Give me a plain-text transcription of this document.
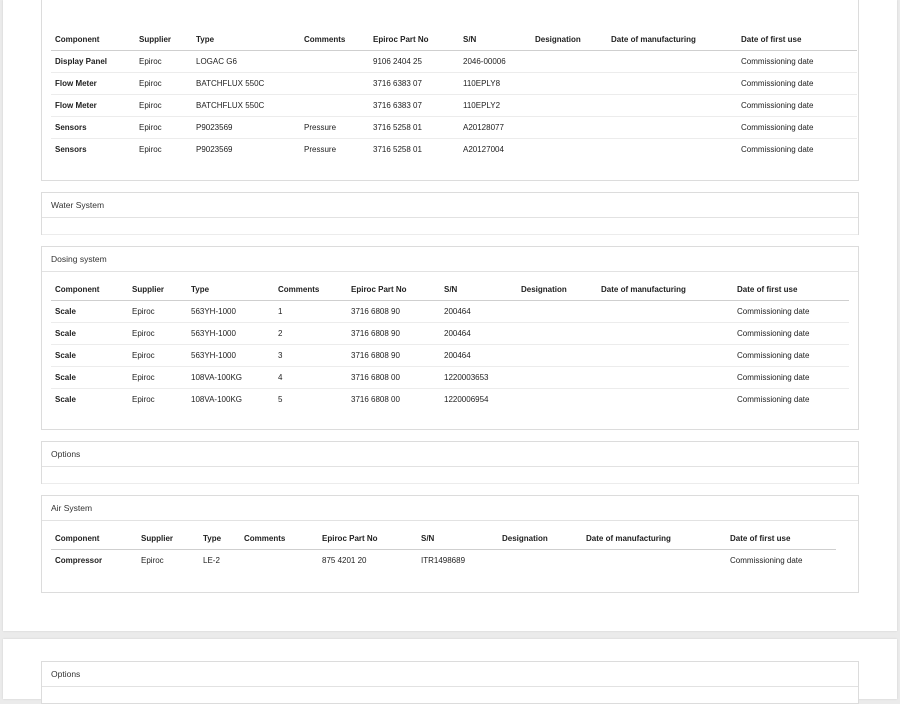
Component	Supplier	Type	Comments	Epiroc Part No	S/N	Designation	Date of manufacturing	Date of first use
Display Panel	Epiroc	LOGAC G6		9106 2404 25	2046-00006			Commissioning date
Flow Meter	Epiroc	BATCHFLUX 550C		3716 6383 07	110EPLY8			Commissioning date
Flow Meter	Epiroc	BATCHFLUX 550C		3716 6383 07	110EPLY2			Commissioning date
Sensors	Epiroc	P9023569	Pressure	3716 5258 01	A20128077			Commissioning date
Sensors	Epiroc	P9023569	Pressure	3716 5258 01	A20127004			Commissioning date
Water System
Dosing system
Component	Supplier	Type	Comments	Epiroc Part No	S/N	Designation	Date of manufacturing	Date of first use
Scale	Epiroc	563YH-1000	1	3716 6808 90	200464			Commissioning date
Scale	Epiroc	563YH-1000	2	3716 6808 90	200464			Commissioning date
Scale	Epiroc	563YH-1000	3	3716 6808 90	200464			Commissioning date
Scale	Epiroc	108VA-100KG	4	3716 6808 00	1220003653			Commissioning date
Scale	Epiroc	108VA-100KG	5	3716 6808 00	1220006954			Commissioning date
Options
Air System
Component	Supplier	Type	Comments	Epiroc Part No	S/N	Designation	Date of manufacturing	Date of first use
Compressor	Epiroc	LE-2		875 4201 20	ITR1498689			Commissioning date
Options
